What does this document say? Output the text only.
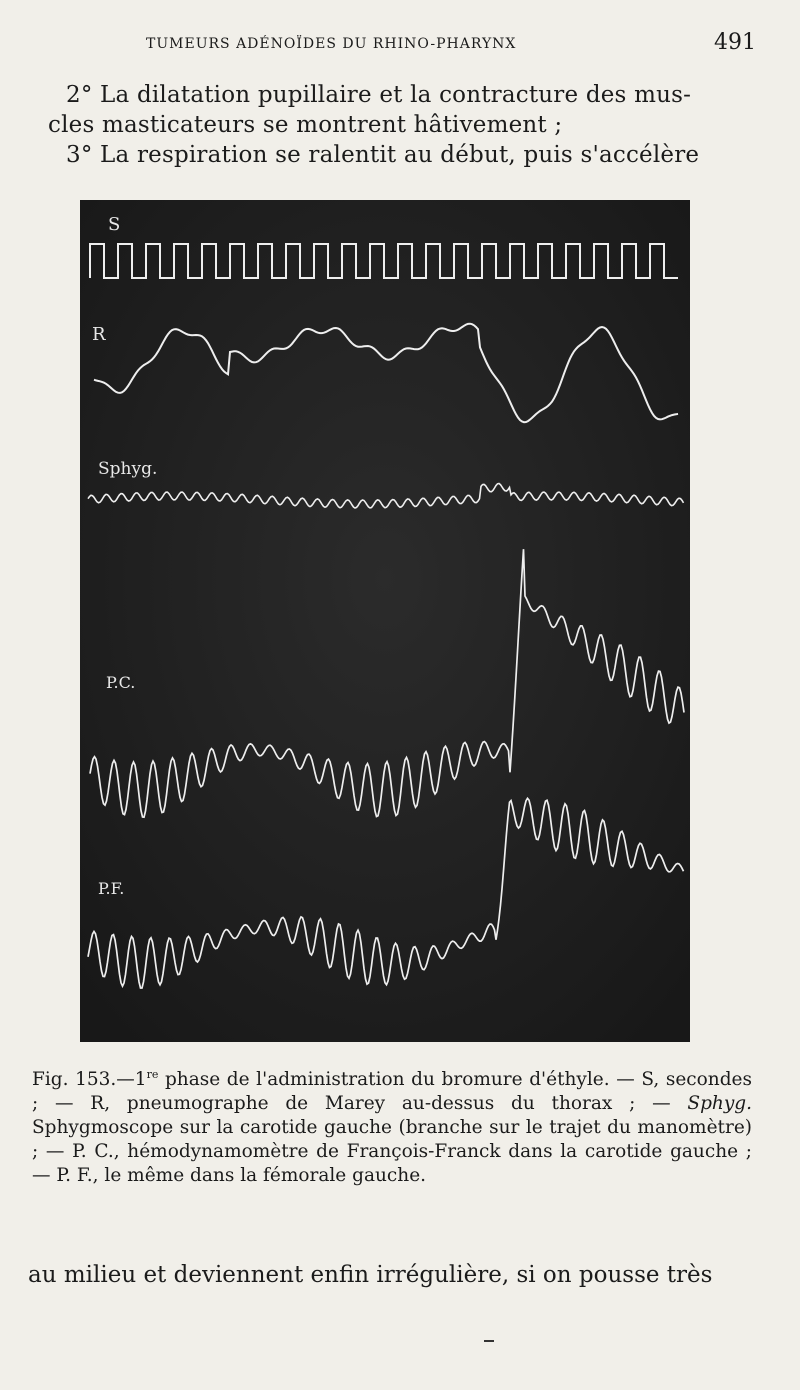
TUMEURS ADÉNOÏDES DU RHINO-PHARYNX	491
2° La dilatation pupillaire et la contracture des mus-
cles masticateurs se montrent hâtivement ;
3° La respiration se ralentit au début, puis s'accélère
S
R
Sphyg.
P.C.
P.F.

Fig. 153.—1re phase de l'administration du bromure d'éthyle. — S, secondes ; — R, pneumographe de Marey au-dessus du thorax ; — Sphyg. Sphygmoscope sur la carotide gauche (branche sur le trajet du manomètre) ; — P. C., hémodynamomètre de François-Franck dans la carotide gauche ; — P. F., le même dans la fémorale gauche.

au milieu et deviennent enfin irrégulière, si on pousse très
